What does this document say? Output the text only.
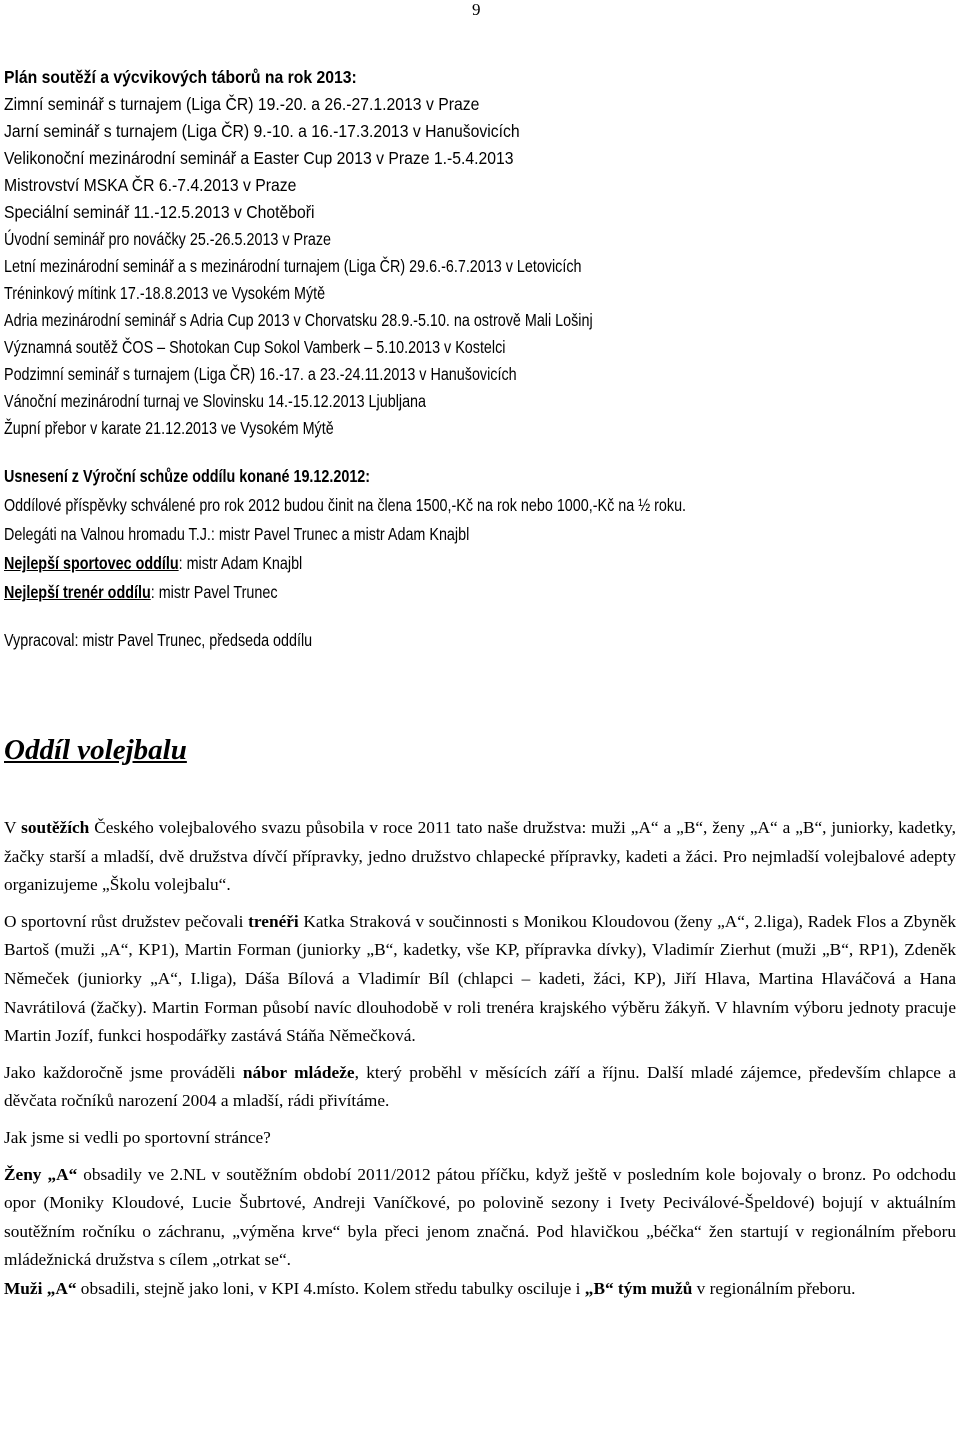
9
Plán soutěží a výcvikových táborů na rok 2013:
Zimní seminář s turnajem (Liga ČR) 19.-20. a 26.-27.1.2013 v Praze
Jarní seminář s turnajem (Liga ČR) 9.-10. a 16.-17.3.2013 v Hanušovicích
Velikonoční mezinárodní seminář a Easter Cup 2013 v Praze 1.-5.4.2013
Mistrovství MSKA ČR 6.-7.4.2013 v Praze
Speciální seminář 11.-12.5.2013 v Chotěboři
Úvodní seminář pro nováčky 25.-26.5.2013 v Praze
Letní mezinárodní seminář a s mezinárodní turnajem (Liga ČR) 29.6.-6.7.2013 v Letovicích
Tréninkový mítink 17.-18.8.2013 ve Vysokém Mýtě
Adria mezinárodní seminář s Adria Cup 2013 v Chorvatsku 28.9.-5.10. na ostrově Mali Lošinj
Významná soutěž ČOS – Shotokan Cup Sokol Vamberk – 5.10.2013 v Kostelci
Podzimní seminář s turnajem (Liga ČR) 16.-17. a 23.-24.11.2013 v Hanušovicích
Vánoční mezinárodní turnaj ve Slovinsku 14.-15.12.2013 Ljubljana
Župní přebor v karate 21.12.2013 ve Vysokém Mýtě
Usnesení z Výroční schůze oddílu konané 19.12.2012:
Oddílové příspěvky schválené pro rok 2012 budou činit na člena 1500,-Kč na rok nebo 1000,-Kč na ½ roku.
Delegáti na Valnou hromadu T.J.: mistr Pavel Trunec a mistr Adam Knajbl
Nejlepší sportovec oddílu: mistr Adam Knajbl
Nejlepší trenér oddílu: mistr Pavel Trunec
Vypracoval: mistr Pavel Trunec, předseda oddílu
Oddíl volejbalu

V soutěžích Českého volejbalového svazu působila v roce 2011 tato naše družstva: muži „A“ a „B“, ženy „A“ a „B“, juniorky, kadetky, žačky starší a mladší, dvě družstva dívčí přípravky, jedno družstvo chlapecké přípravky, kadeti a žáci. Pro nejmladší volejbalové adepty organizujeme „Školu volejbalu“.

O sportovní růst družstev pečovali trenéři Katka Straková v součinnosti s Monikou Kloudovou (ženy „A“, 2.liga), Radek Flos a Zbyněk Bartoš (muži „A“, KP1), Martin Forman (juniorky „B“, kadetky, vše KP, přípravka dívky), Vladimír Zierhut (muži „B“, RP1), Zdeněk Němeček (juniorky „A“, I.liga), Dáša Bílová a Vladimír Bíl (chlapci – kadeti, žáci, KP), Jiří Hlava, Martina Hlaváčová a Hana Navrátilová (žačky). Martin Forman působí navíc dlouhodobě v roli trenéra krajského výběru žákyň. V hlavním výboru jednoty pracuje Martin Jozíf, funkci hospodářky zastává Stáňa Němečková.

Jako každoročně jsme prováděli nábor mládeže, který proběhl v měsících září a říjnu. Další mladé zájemce, především chlapce a děvčata ročníků narození 2004 a mladší, rádi přivítáme.

Jak jsme si vedli po sportovní stránce?

Ženy „A“ obsadily ve 2.NL v soutěžním období 2011/2012 pátou příčku, když ještě v posledním kole bojovaly o bronz. Po odchodu opor (Moniky Kloudové, Lucie Šubrtové, Andreji Vaníčkové, po polovině sezony i Ivety Peciválové-Špeldové) bojují v aktuálním soutěžním ročníku o záchranu, „výměna krve“ byla přeci jenom značná. Pod hlavičkou „béčka“ žen startují v regionálním přeboru mládežnická družstva s cílem „otrkat se“.

Muži „A“ obsadili, stejně jako loni, v KPI 4.místo. Kolem středu tabulky osciluje i „B“ tým mužů v regionálním přeboru.
